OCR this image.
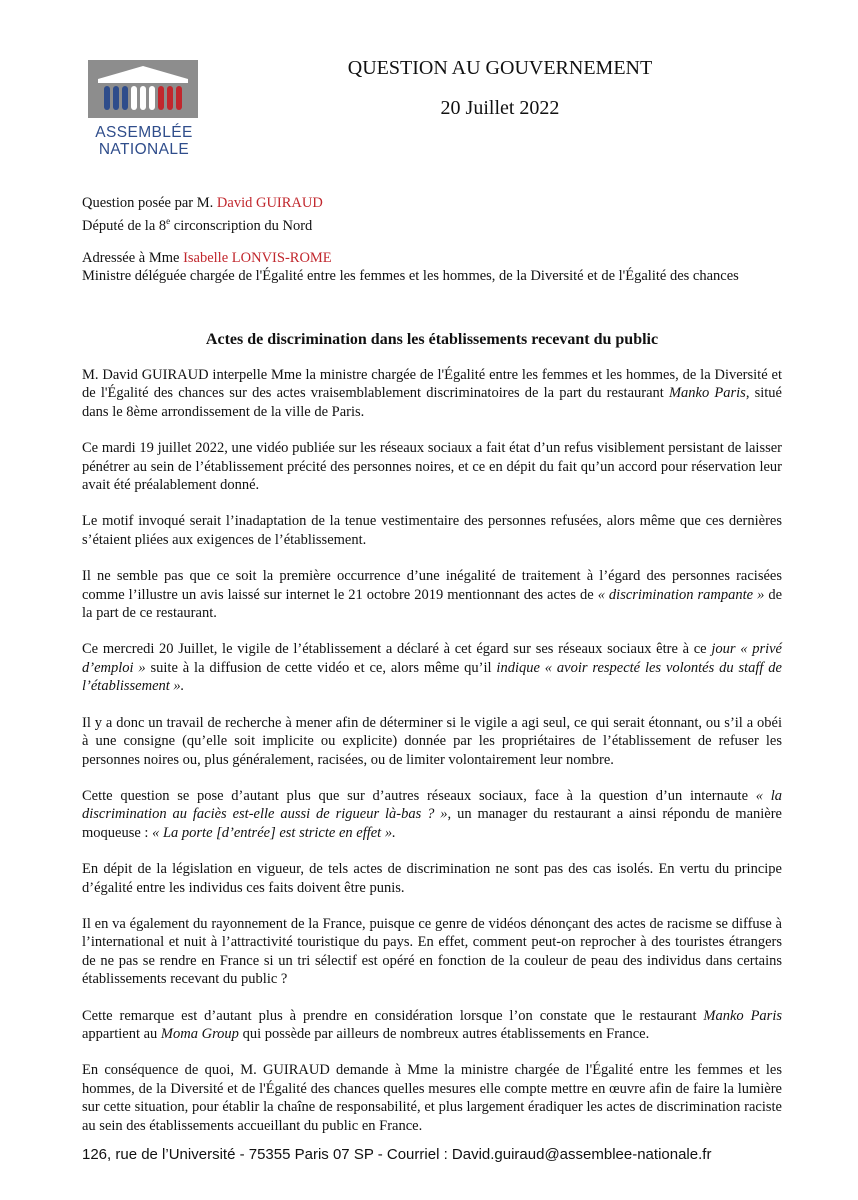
ASSEMBLÉE
NATIONALE
QUESTION AU GOUVERNEMENT
20 Juillet 2022
Question posée par M. David GUIRAUD
Député de la 8e circonscription du Nord
Adressée à Mme Isabelle LONVIS-ROME
Ministre déléguée chargée de l'Égalité entre les femmes et les hommes, de la Diversité et de l'Égalité des chances
Actes de discrimination dans les établissements recevant du public

M. David GUIRAUD interpelle Mme la ministre chargée de l'Égalité entre les femmes et les hommes, de la Diversité et de l'Égalité des chances sur des actes vraisemblablement discriminatoires de la part du restaurant Manko Paris, situé dans le 8ème arrondissement de la ville de Paris.

Ce mardi 19 juillet 2022, une vidéo publiée sur les réseaux sociaux a fait état d’un refus visiblement persistant de laisser pénétrer au sein de l’établissement précité des personnes noires, et ce en dépit du fait qu’un accord pour réservation leur avait été préalablement donné.

Le motif invoqué serait l’inadaptation de la tenue vestimentaire des personnes refusées, alors même que ces dernières s’étaient pliées aux exigences de l’établissement.

Il ne semble pas que ce soit la première occurrence d’une inégalité de traitement à l’égard des personnes racisées comme l’illustre un avis laissé sur internet le 21 octobre 2019 mentionnant des actes de « discrimination rampante » de la part de ce restaurant.

Ce mercredi 20 Juillet, le vigile de l’établissement a déclaré à cet égard sur ses réseaux sociaux être à ce jour « privé d’emploi » suite à la diffusion de cette vidéo et ce, alors même qu’il indique « avoir respecté les volontés du staff de l’établissement ».

Il y a donc un travail de recherche à mener afin de déterminer si le vigile a agi seul, ce qui serait étonnant, ou s’il a obéi à une consigne (qu’elle soit implicite ou explicite) donnée par les propriétaires de l’établissement de refuser les personnes noires ou, plus généralement, racisées, ou de limiter volontairement leur nombre.

Cette question se pose d’autant plus que sur d’autres réseaux sociaux, face à la question d’un internaute « la discrimination au faciès est-elle aussi de rigueur là-bas ? », un manager du restaurant a ainsi répondu de manière moqueuse : « La porte [d’entrée] est stricte en effet ».

En dépit de la législation en vigueur, de tels actes de discrimination ne sont pas des cas isolés. En vertu du principe d’égalité entre les individus ces faits doivent être punis.

Il en va également du rayonnement de la France, puisque ce genre de vidéos dénonçant des actes de racisme se diffuse à l’international et nuit à l’attractivité touristique du pays. En effet, comment peut-on reprocher à des touristes étrangers de ne pas se rendre en France si un tri sélectif est opéré en fonction de la couleur de peau des individus dans certains établissements recevant du public ?

Cette remarque est d’autant plus à prendre en considération lorsque l’on constate que le restaurant Manko Paris appartient au Moma Group qui possède par ailleurs de nombreux autres établissements en France.

En conséquence de quoi, M. GUIRAUD demande à Mme la ministre chargée de l'Égalité entre les femmes et les hommes, de la Diversité et de l'Égalité des chances quelles mesures elle compte mettre en œuvre afin de faire la lumière sur cette situation, pour établir la chaîne de responsabilité, et plus largement éradiquer les actes de discrimination raciste au sein des établissements accueillant du public en France.

126, rue de l’Université - 75355 Paris 07 SP - Courriel : David.guiraud@assemblee-nationale.fr
